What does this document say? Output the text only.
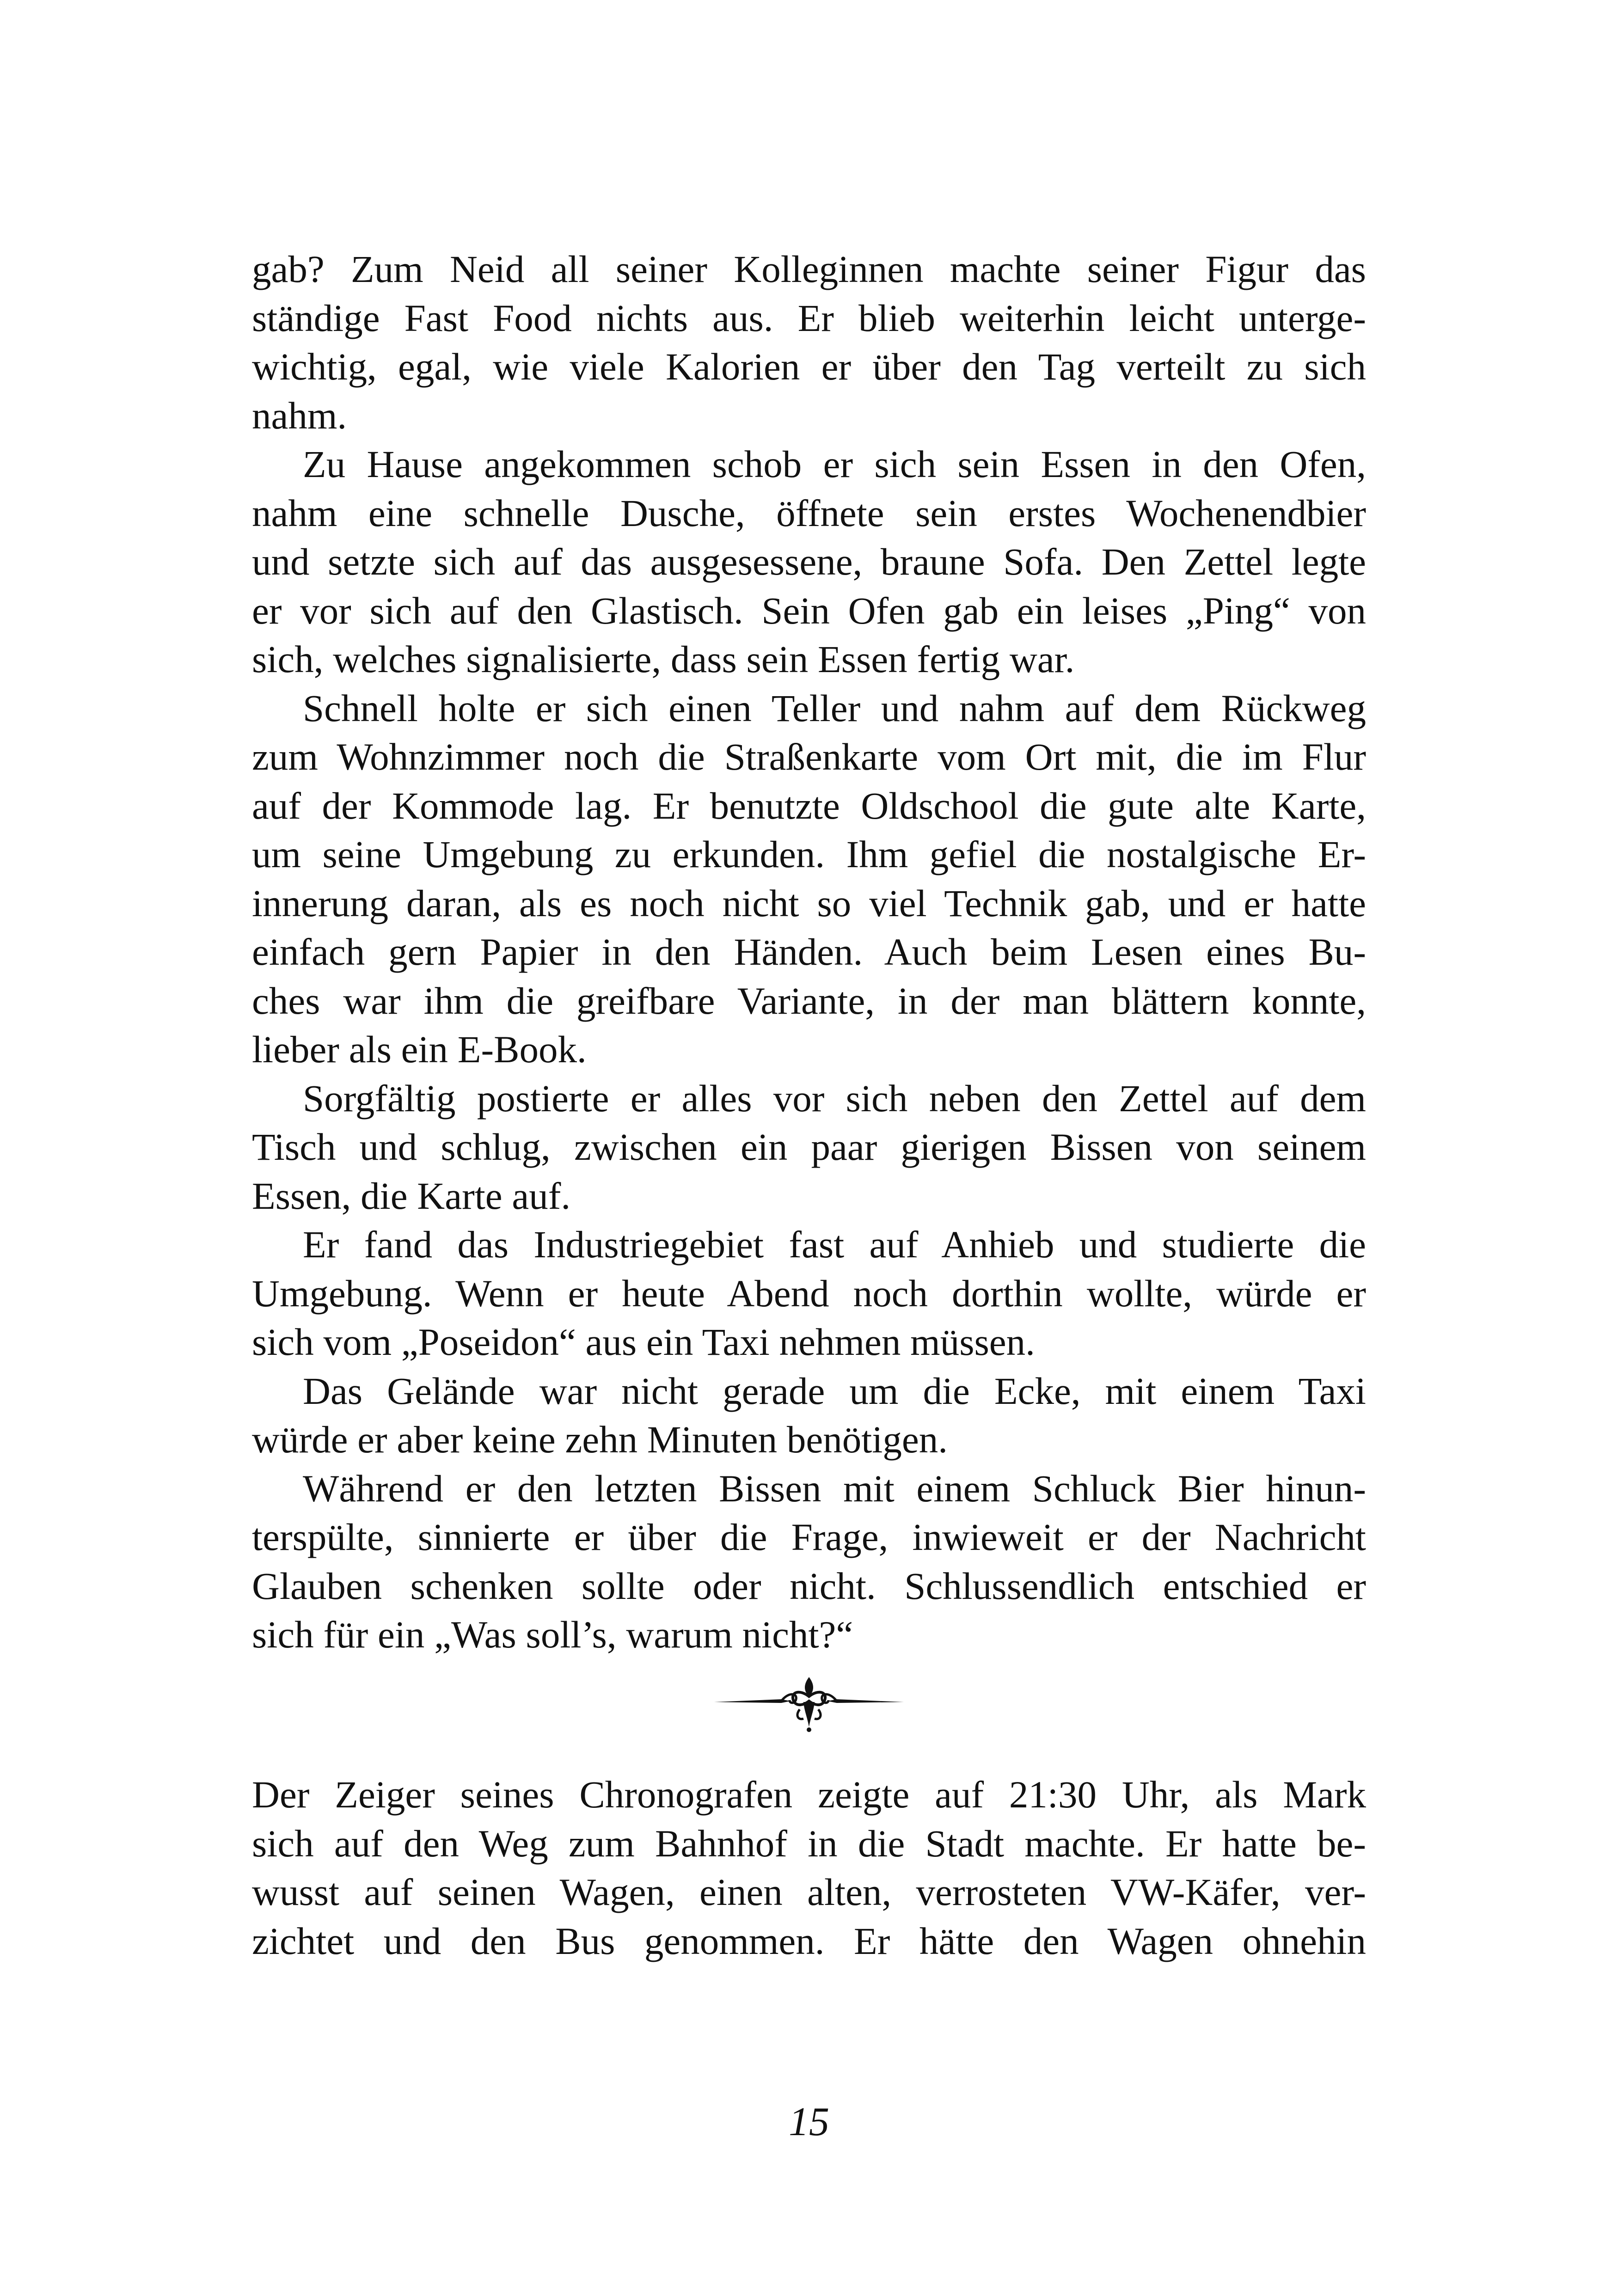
gab? Zum Neid all seiner Kolleginnen machte seiner Figur das
ständige Fast Food nichts aus. Er blieb weiterhin leicht unterge-
wichtig, egal, wie viele Kalorien er über den Tag verteilt zu sich
nahm.
Zu Hause angekommen schob er sich sein Essen in den Ofen,
nahm eine schnelle Dusche, öffnete sein erstes Wochenendbier
und setzte sich auf das ausgesessene, braune Sofa. Den Zettel legte
er vor sich auf den Glastisch. Sein Ofen gab ein leises „Ping“ von
sich, welches signalisierte, dass sein Essen fertig war.
Schnell holte er sich einen Teller und nahm auf dem Rückweg
zum Wohnzimmer noch die Straßenkarte vom Ort mit, die im Flur
auf der Kommode lag. Er benutzte Oldschool die gute alte Karte,
um seine Umgebung zu erkunden. Ihm gefiel die nostalgische Er-
innerung daran, als es noch nicht so viel Technik gab, und er hatte
einfach gern Papier in den Händen. Auch beim Lesen eines Bu-
ches war ihm die greifbare Variante, in der man blättern konnte,
lieber als ein E-Book.
Sorgfältig postierte er alles vor sich neben den Zettel auf dem
Tisch und schlug, zwischen ein paar gierigen Bissen von seinem
Essen, die Karte auf.
Er fand das Industriegebiet fast auf Anhieb und studierte die
Umgebung. Wenn er heute Abend noch dorthin wollte, würde er
sich vom „Poseidon“ aus ein Taxi nehmen müssen.
Das Gelände war nicht gerade um die Ecke, mit einem Taxi
würde er aber keine zehn Minuten benötigen.
Während er den letzten Bissen mit einem Schluck Bier hinun-
terspülte, sinnierte er über die Frage, inwieweit er der Nachricht
Glauben schenken sollte oder nicht. Schlussendlich entschied er
sich für ein „Was soll’s, warum nicht?“
Der Zeiger seines Chronografen zeigte auf 21:30 Uhr, als Mark
sich auf den Weg zum Bahnhof in die Stadt machte. Er hatte be-
wusst auf seinen Wagen, einen alten, verrosteten VW-Käfer, ver-
zichtet und den Bus genommen. Er hätte den Wagen ohnehin
15
